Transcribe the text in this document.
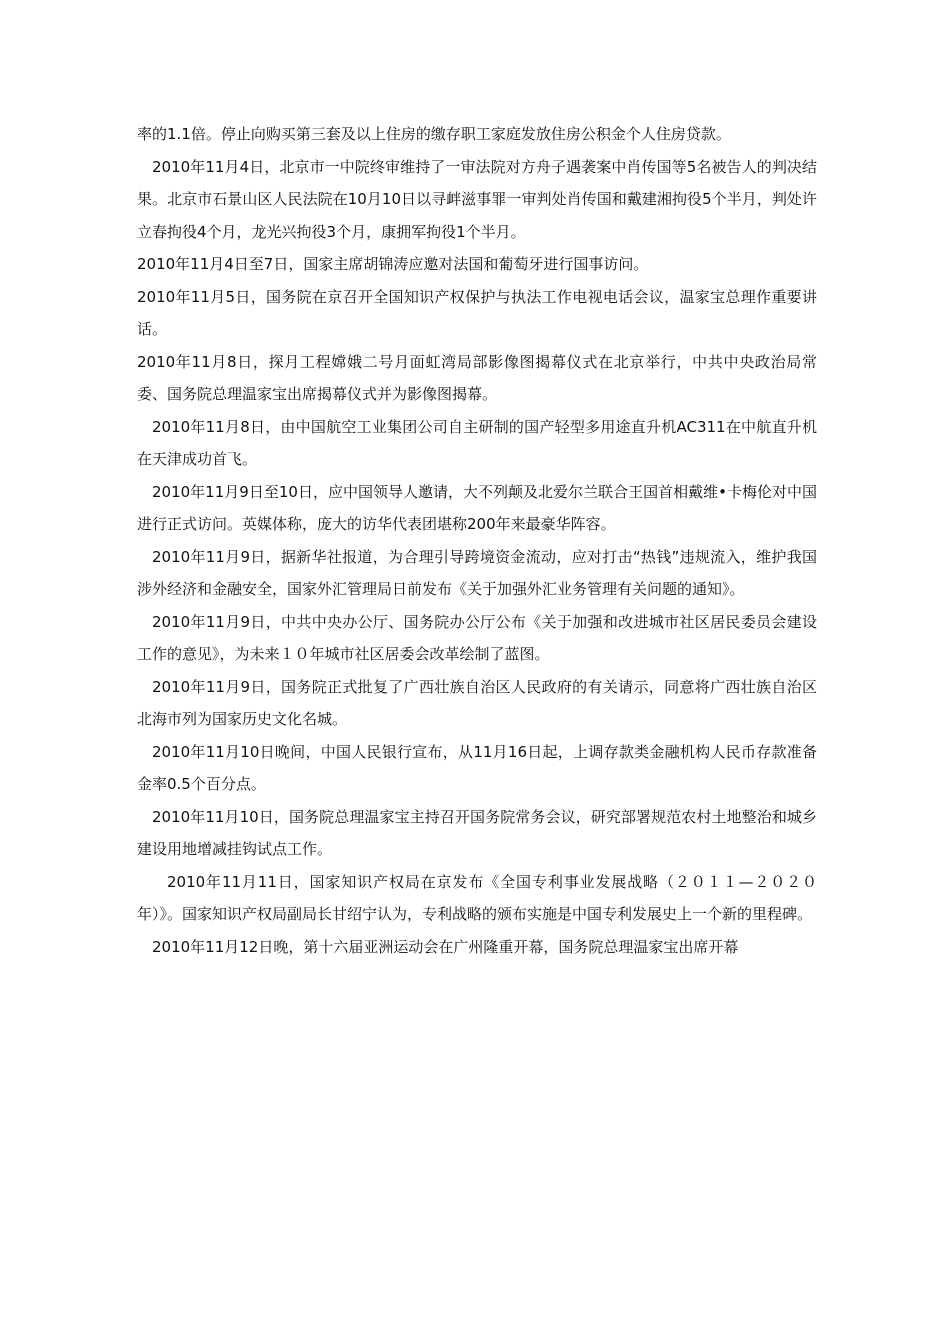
率的1.1倍。停止向购买第三套及以上住房的缴存职工家庭发放住房公积金个人住房贷款。

2010年11月4日，北京市一中院终审维持了一审法院对方舟子遇袭案中肖传国等5名被告人的判决结果。北京市石景山区人民法院在10月10日以寻衅滋事罪一审判处肖传国和戴建湘拘役5个半月，判处许立春拘役4个月，龙光兴拘役3个月，康拥军拘役1个半月。

2010年11月4日至7日，国家主席胡锦涛应邀对法国和葡萄牙进行国事访问。

2010年11月5日，国务院在京召开全国知识产权保护与执法工作电视电话会议，温家宝总理作重要讲话。

2010年11月8日，探月工程嫦娥二号月面虹湾局部影像图揭幕仪式在北京举行，中共中央政治局常委、国务院总理温家宝出席揭幕仪式并为影像图揭幕。

2010年11月8日，由中国航空工业集团公司自主研制的国产轻型多用途直升机AC311在中航直升机在天津成功首飞。

2010年11月9日至10日，应中国领导人邀请，大不列颠及北爱尔兰联合王国首相戴维•卡梅伦对中国进行正式访问。英媒体称，庞大的访华代表团堪称200年来最豪华阵容。

2010年11月9日，据新华社报道，为合理引导跨境资金流动，应对打击“热钱”违规流入，维护我国涉外经济和金融安全，国家外汇管理局日前发布《关于加强外汇业务管理有关问题的通知》。

2010年11月9日，中共中央办公厅、国务院办公厅公布《关于加强和改进城市社区居民委员会建设工作的意见》，为未来１０年城市社区居委会改革绘制了蓝图。

2010年11月9日，国务院正式批复了广西壮族自治区人民政府的有关请示，同意将广西壮族自治区北海市列为国家历史文化名城。

2010年11月10日晚间，中国人民银行宣布，从11月16日起，上调存款类金融机构人民币存款准备金率0.5个百分点。

2010年11月10日，国务院总理温家宝主持召开国务院常务会议，研究部署规范农村土地整治和城乡建设用地增减挂钩试点工作。

2010年11月11日，国家知识产权局在京发布《全国专利事业发展战略（２０１１—２０２０年）》。国家知识产权局副局长甘绍宁认为，专利战略的颁布实施是中国专利发展史上一个新的里程碑。

2010年11月12日晚，第十六届亚洲运动会在广州隆重开幕，国务院总理温家宝出席开幕
